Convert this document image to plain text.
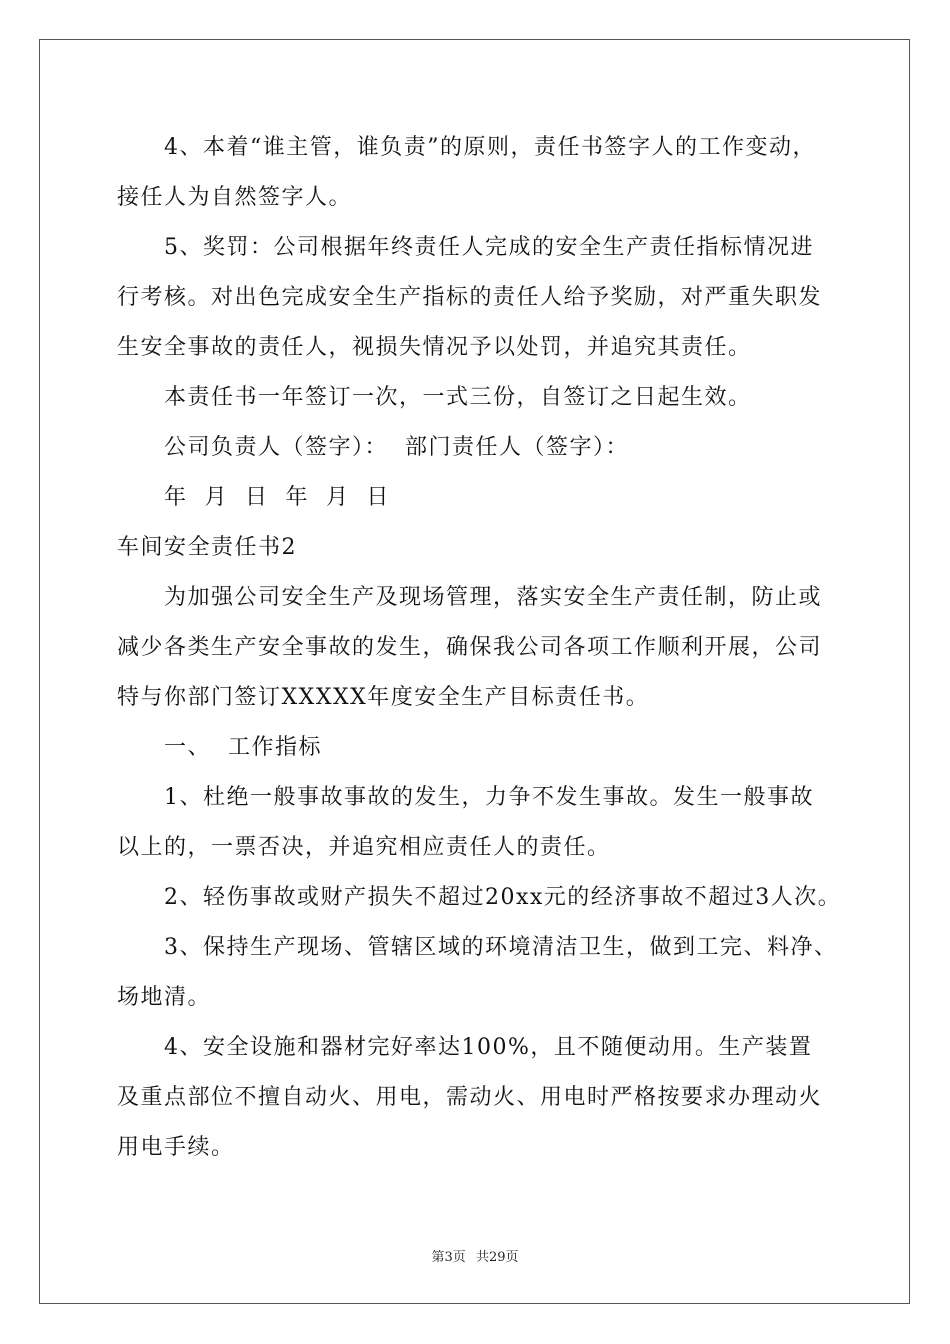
4、本着“谁主管，谁负责”的原则，责任书签字人的工作变动，
接任人为自然签字人。
5、奖罚：公司根据年终责任人完成的安全生产责任指标情况进
行考核。对出色完成安全生产指标的责任人给予奖励，对严重失职发
生安全事故的责任人，视损失情况予以处罚，并追究其责任。
本责任书一年签订一次，一式三份，自签订之日起生效。
公司负责人（签字）：  部门责任人（签字）：
年  月  日  年  月  日
车间安全责任书2
为加强公司安全生产及现场管理，落实安全生产责任制，防止或
减少各类生产安全事故的发生，确保我公司各项工作顺利开展，公司
特与你部门签订XXXXX年度安全生产目标责任书。
一、  工作指标
1、杜绝一般事故事故的发生，力争不发生事故。发生一般事故
以上的，一票否决，并追究相应责任人的责任。
2、轻伤事故或财产损失不超过20xx元的经济事故不超过3人次。
3、保持生产现场、管辖区域的环境清洁卫生，做到工完、料净、
场地清。
4、安全设施和器材完好率达100%，且不随便动用。生产装置
及重点部位不擅自动火、用电，需动火、用电时严格按要求办理动火
用电手续。
第3页 共29页
